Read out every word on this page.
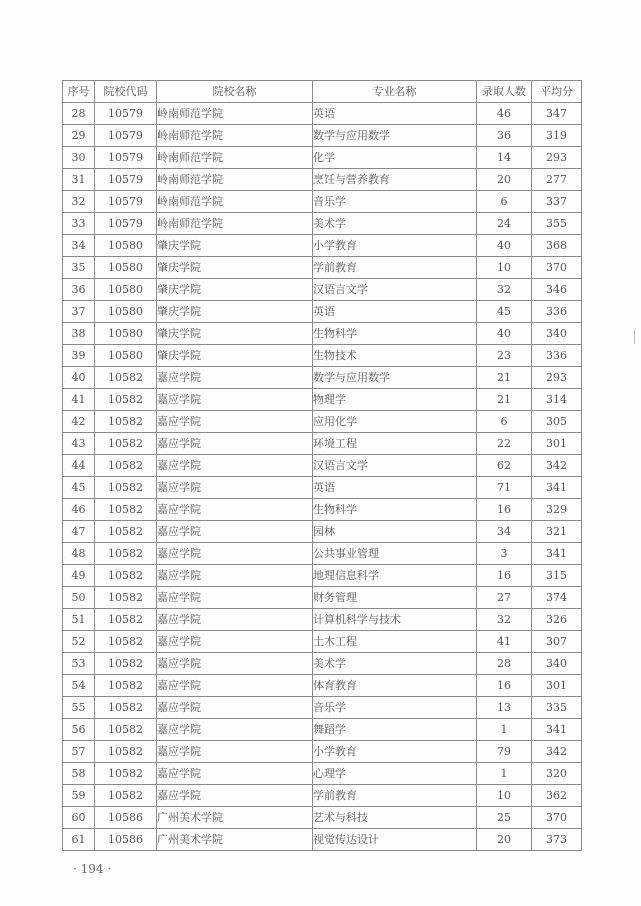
序号	院校代码	院校名称	专业名称	录取人数	平均分
28	10579	岭南师范学院	英语	46	347
29	10579	岭南师范学院	数学与应用数学	36	319
30	10579	岭南师范学院	化学	14	293
31	10579	岭南师范学院	烹饪与营养教育	20	277
32	10579	岭南师范学院	音乐学	6	337
33	10579	岭南师范学院	美术学	24	355
34	10580	肇庆学院	小学教育	40	368
35	10580	肇庆学院	学前教育	10	370
36	10580	肇庆学院	汉语言文学	32	346
37	10580	肇庆学院	英语	45	336
38	10580	肇庆学院	生物科学	40	340
39	10580	肇庆学院	生物技术	23	336
40	10582	嘉应学院	数学与应用数学	21	293
41	10582	嘉应学院	物理学	21	314
42	10582	嘉应学院	应用化学	6	305
43	10582	嘉应学院	环境工程	22	301
44	10582	嘉应学院	汉语言文学	62	342
45	10582	嘉应学院	英语	71	341
46	10582	嘉应学院	生物科学	16	329
47	10582	嘉应学院	园林	34	321
48	10582	嘉应学院	公共事业管理	3	341
49	10582	嘉应学院	地理信息科学	16	315
50	10582	嘉应学院	财务管理	27	374
51	10582	嘉应学院	计算机科学与技术	32	326
52	10582	嘉应学院	土木工程	41	307
53	10582	嘉应学院	美术学	28	340
54	10582	嘉应学院	体育教育	16	301
55	10582	嘉应学院	音乐学	13	335
56	10582	嘉应学院	舞蹈学	1	341
57	10582	嘉应学院	小学教育	79	342
58	10582	嘉应学院	心理学	1	320
59	10582	嘉应学院	学前教育	10	362
60	10586	广州美术学院	艺术与科技	25	370
61	10586	广州美术学院	视觉传达设计	20	373
· 194 ·
